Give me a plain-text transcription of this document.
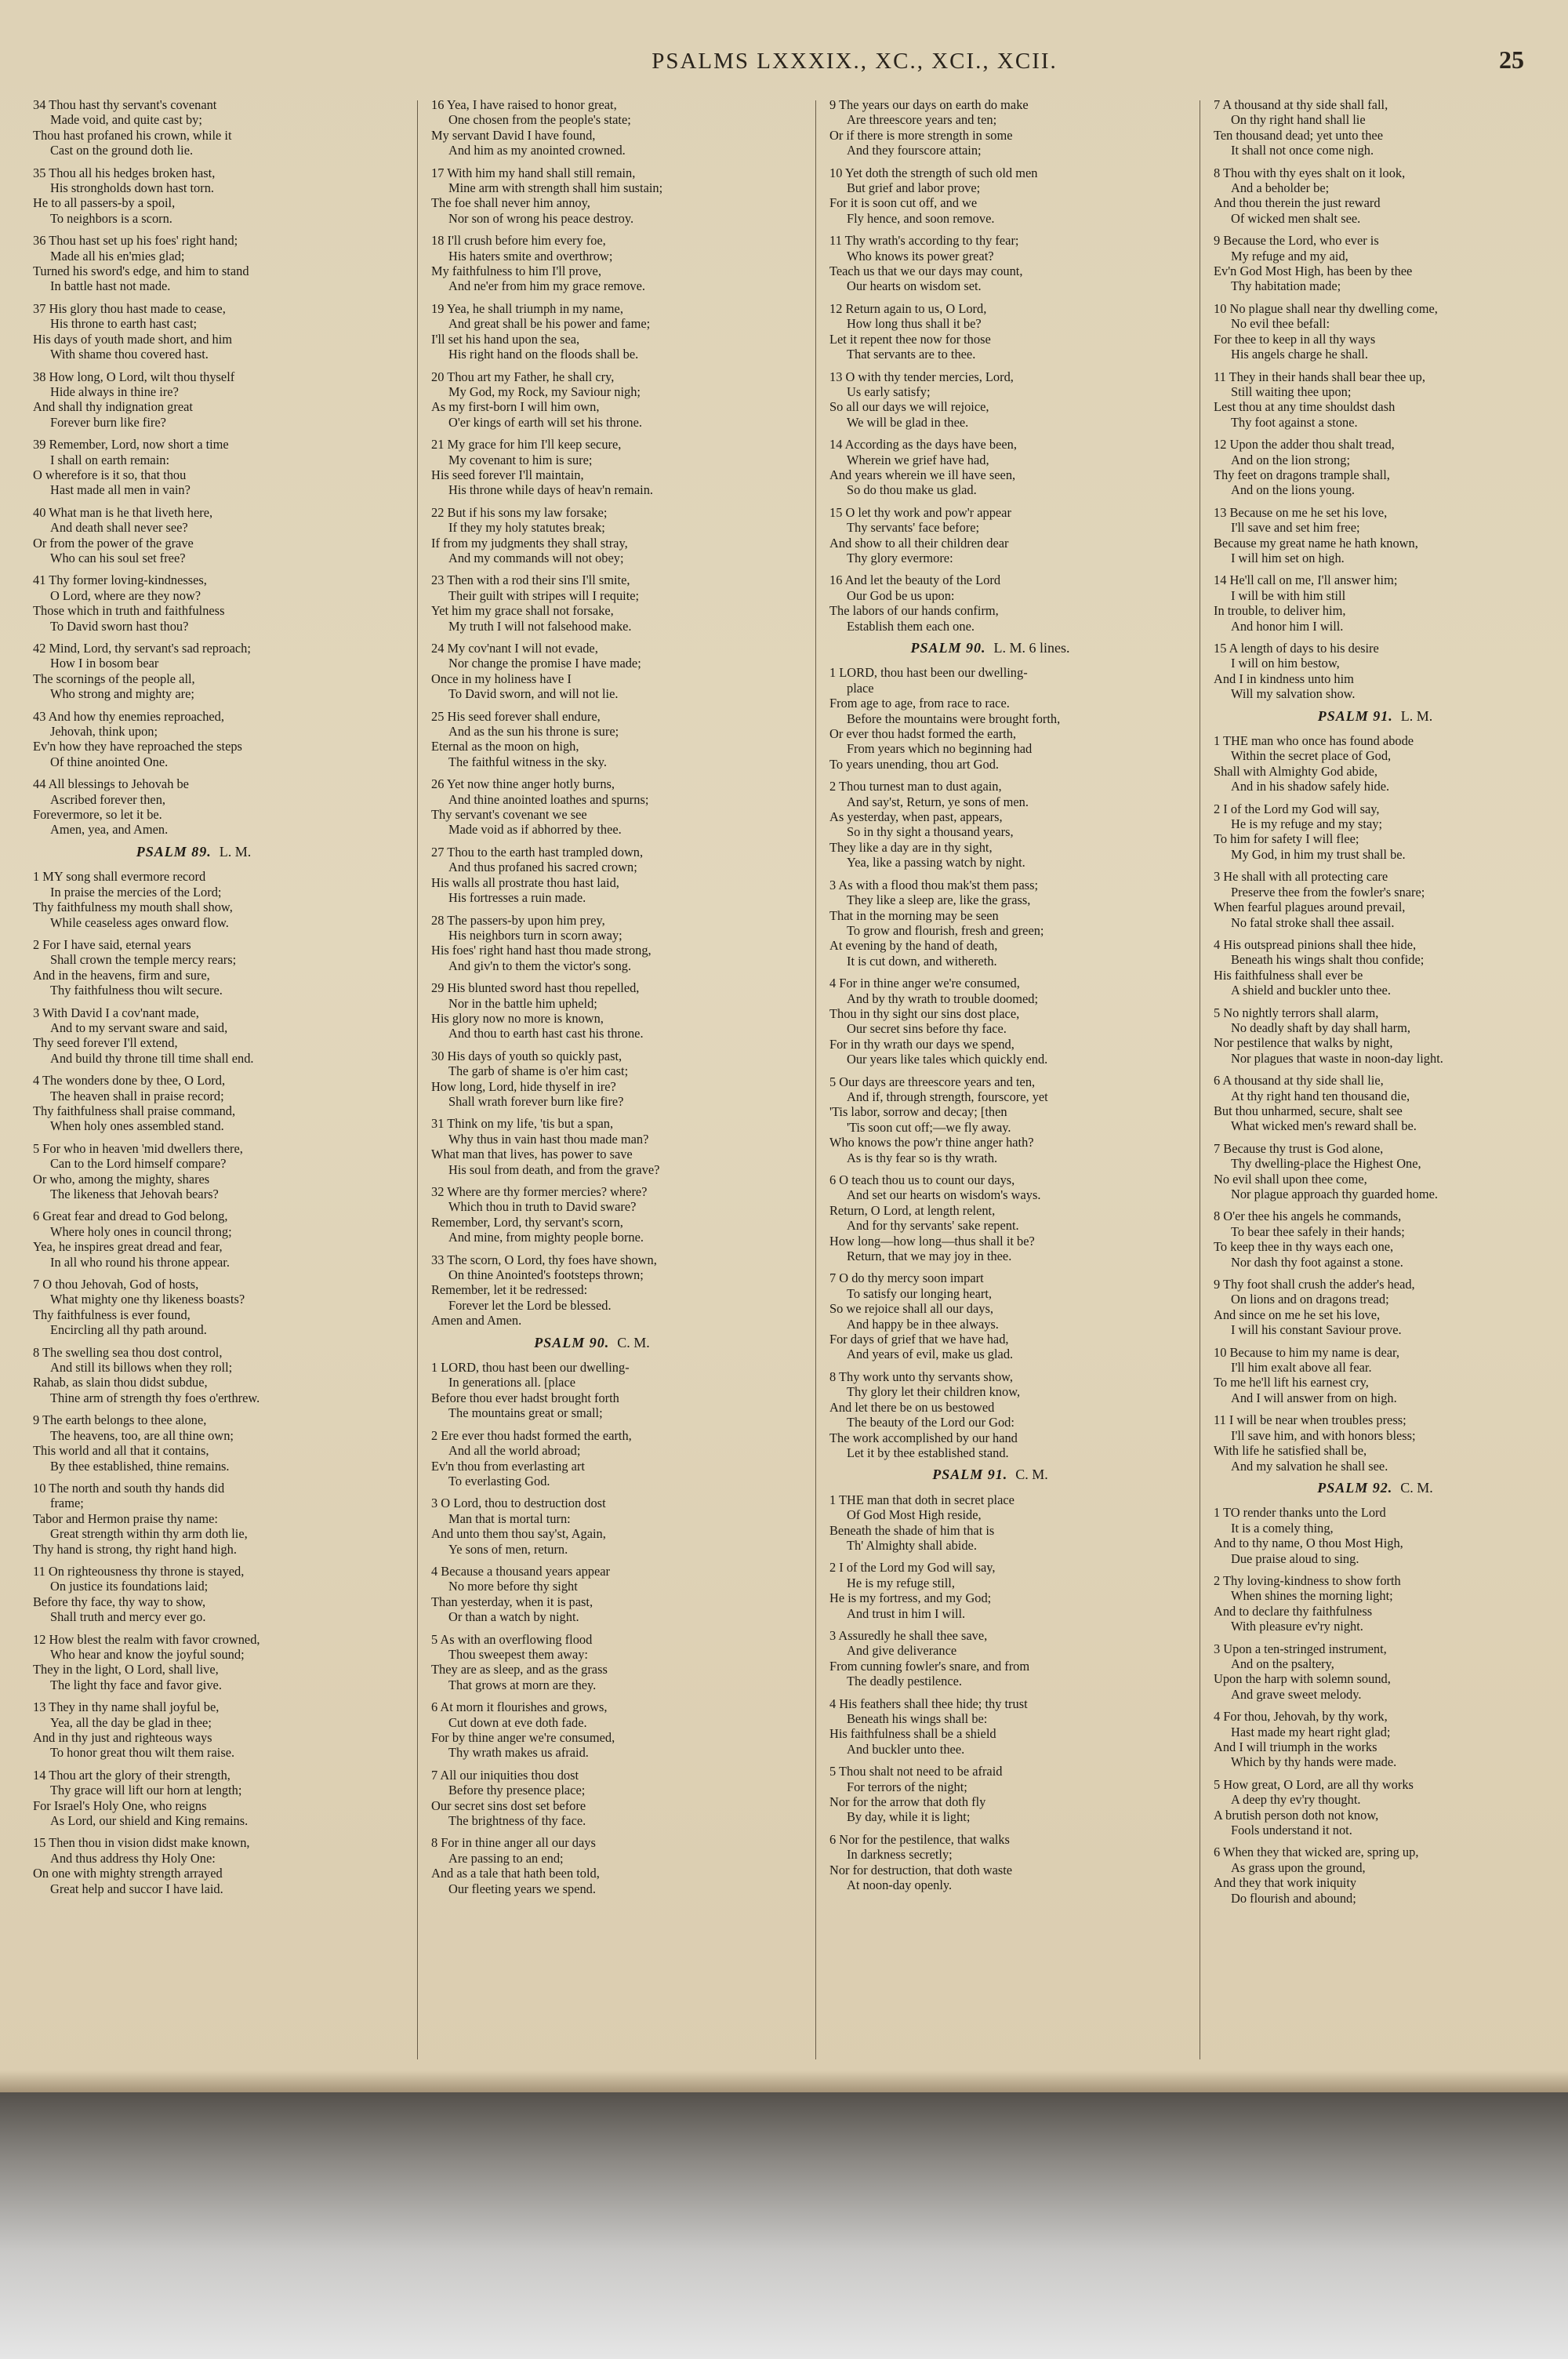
PSALMS LXXXIX., XC., XCI., XCII.	25
34 Thou hast thy servant's covenant
Made void, and quite cast by;
Thou hast profaned his crown, while it
Cast on the ground doth lie.
35 Thou all his hedges broken hast,
His strongholds down hast torn.
He to all passers-by a spoil,
To neighbors is a scorn.
36 Thou hast set up his foes' right hand;
Made all his en'mies glad;
Turned his sword's edge, and him to stand
In battle hast not made.
37 His glory thou hast made to cease,
His throne to earth hast cast;
His days of youth made short, and him
With shame thou covered hast.
38 How long, O Lord, wilt thou thyself
Hide always in thine ire?
And shall thy indignation great
Forever burn like fire?
39 Remember, Lord, now short a time
I shall on earth remain:
O wherefore is it so, that thou
Hast made all men in vain?
40 What man is he that liveth here,
And death shall never see?
Or from the power of the grave
Who can his soul set free?
41 Thy former loving-kindnesses,
O Lord, where are they now?
Those which in truth and faithfulness
To David sworn hast thou?
42 Mind, Lord, thy servant's sad reproach;
How I in bosom bear
The scornings of the people all,
Who strong and mighty are;
43 And how thy enemies reproached,
Jehovah, think upon;
Ev'n how they have reproached the steps
Of thine anointed One.
44 All blessings to Jehovah be
Ascribed forever then,
Forevermore, so let it be.
Amen, yea, and Amen.
PSALM 89. L. M.
1 MY song shall evermore record
In praise the mercies of the Lord;
Thy faithfulness my mouth shall show,
While ceaseless ages onward flow.
2 For I have said, eternal years
Shall crown the temple mercy rears;
And in the heavens, firm and sure,
Thy faithfulness thou wilt secure.
3 With David I a cov'nant made,
And to my servant sware and said,
Thy seed forever I'll extend,
And build thy throne till time shall end.
4 The wonders done by thee, O Lord,
The heaven shall in praise record;
Thy faithfulness shall praise command,
When holy ones assembled stand.
5 For who in heaven 'mid dwellers there,
Can to the Lord himself compare?
Or who, among the mighty, shares
The likeness that Jehovah bears?
6 Great fear and dread to God belong,
Where holy ones in council throng;
Yea, he inspires great dread and fear,
In all who round his throne appear.
7 O thou Jehovah, God of hosts,
What mighty one thy likeness boasts?
Thy faithfulness is ever found,
Encircling all thy path around.
8 The swelling sea thou dost control,
And still its billows when they roll;
Rahab, as slain thou didst subdue,
Thine arm of strength thy foes o'erthrew.
9 The earth belongs to thee alone,
The heavens, too, are all thine own;
This world and all that it contains,
By thee established, thine remains.
10 The north and south thy hands did
frame;
Tabor and Hermon praise thy name:
Great strength within thy arm doth lie,
Thy hand is strong, thy right hand high.
11 On righteousness thy throne is stayed,
On justice its foundations laid;
Before thy face, thy way to show,
Shall truth and mercy ever go.
12 How blest the realm with favor crowned,
Who hear and know the joyful sound;
They in the light, O Lord, shall live,
The light thy face and favor give.
13 They in thy name shall joyful be,
Yea, all the day be glad in thee;
And in thy just and righteous ways
To honor great thou wilt them raise.
14 Thou art the glory of their strength,
Thy grace will lift our horn at length;
For Israel's Holy One, who reigns
As Lord, our shield and King remains.
15 Then thou in vision didst make known,
And thus address thy Holy One:
On one with mighty strength arrayed
Great help and succor I have laid.
16 Yea, I have raised to honor great,
One chosen from the people's state;
My servant David I have found,
And him as my anointed crowned.
17 With him my hand shall still remain,
Mine arm with strength shall him sustain;
The foe shall never him annoy,
Nor son of wrong his peace destroy.
18 I'll crush before him every foe,
His haters smite and overthrow;
My faithfulness to him I'll prove,
And ne'er from him my grace remove.
19 Yea, he shall triumph in my name,
And great shall be his power and fame;
I'll set his hand upon the sea,
His right hand on the floods shall be.
20 Thou art my Father, he shall cry,
My God, my Rock, my Saviour nigh;
As my first-born I will him own,
O'er kings of earth will set his throne.
21 My grace for him I'll keep secure,
My covenant to him is sure;
His seed forever I'll maintain,
His throne while days of heav'n remain.
22 But if his sons my law forsake;
If they my holy statutes break;
If from my judgments they shall stray,
And my commands will not obey;
23 Then with a rod their sins I'll smite,
Their guilt with stripes will I requite;
Yet him my grace shall not forsake,
My truth I will not falsehood make.
24 My cov'nant I will not evade,
Nor change the promise I have made;
Once in my holiness have I
To David sworn, and will not lie.
25 His seed forever shall endure,
And as the sun his throne is sure;
Eternal as the moon on high,
The faithful witness in the sky.
26 Yet now thine anger hotly burns,
And thine anointed loathes and spurns;
Thy servant's covenant we see
Made void as if abhorred by thee.
27 Thou to the earth hast trampled down,
And thus profaned his sacred crown;
His walls all prostrate thou hast laid,
His fortresses a ruin made.
28 The passers-by upon him prey,
His neighbors turn in scorn away;
His foes' right hand hast thou made strong,
And giv'n to them the victor's song.
29 His blunted sword hast thou repelled,
Nor in the battle him upheld;
His glory now no more is known,
And thou to earth hast cast his throne.
30 His days of youth so quickly past,
The garb of shame is o'er him cast;
How long, Lord, hide thyself in ire?
Shall wrath forever burn like fire?
31 Think on my life, 'tis but a span,
Why thus in vain hast thou made man?
What man that lives, has power to save
His soul from death, and from the grave?
32 Where are thy former mercies? where?
Which thou in truth to David sware?
Remember, Lord, thy servant's scorn,
And mine, from mighty people borne.
33 The scorn, O Lord, thy foes have shown,
On thine Anointed's footsteps thrown;
Remember, let it be redressed:
Forever let the Lord be blessed.
Amen and Amen.
PSALM 90. C. M.
1 LORD, thou hast been our dwelling-
In generations all. [place
Before thou ever hadst brought forth
The mountains great or small;
2 Ere ever thou hadst formed the earth,
And all the world abroad;
Ev'n thou from everlasting art
To everlasting God.
3 O Lord, thou to destruction dost
Man that is mortal turn:
And unto them thou say'st, Again,
Ye sons of men, return.
4 Because a thousand years appear
No more before thy sight
Than yesterday, when it is past,
Or than a watch by night.
5 As with an overflowing flood
Thou sweepest them away:
They are as sleep, and as the grass
That grows at morn are they.
6 At morn it flourishes and grows,
Cut down at eve doth fade.
For by thine anger we're consumed,
Thy wrath makes us afraid.
7 All our iniquities thou dost
Before thy presence place;
Our secret sins dost set before
The brightness of thy face.
8 For in thine anger all our days
Are passing to an end;
And as a tale that hath been told,
Our fleeting years we spend.
9 The years our days on earth do make
Are threescore years and ten;
Or if there is more strength in some
And they fourscore attain;
10 Yet doth the strength of such old men
But grief and labor prove;
For it is soon cut off, and we
Fly hence, and soon remove.
11 Thy wrath's according to thy fear;
Who knows its power great?
Teach us that we our days may count,
Our hearts on wisdom set.
12 Return again to us, O Lord,
How long thus shall it be?
Let it repent thee now for those
That servants are to thee.
13 O with thy tender mercies, Lord,
Us early satisfy;
So all our days we will rejoice,
We will be glad in thee.
14 According as the days have been,
Wherein we grief have had,
And years wherein we ill have seen,
So do thou make us glad.
15 O let thy work and pow'r appear
Thy servants' face before;
And show to all their children dear
Thy glory evermore:
16 And let the beauty of the Lord
Our God be us upon:
The labors of our hands confirm,
Establish them each one.
PSALM 90. L. M. 6 lines.
1 LORD, thou hast been our dwelling-
place
From age to age, from race to race.
Before the mountains were brought forth,
Or ever thou hadst formed the earth,
From years which no beginning had
To years unending, thou art God.
2 Thou turnest man to dust again,
And say'st, Return, ye sons of men.
As yesterday, when past, appears,
So in thy sight a thousand years,
They like a day are in thy sight,
Yea, like a passing watch by night.
3 As with a flood thou mak'st them pass;
They like a sleep are, like the grass,
That in the morning may be seen
To grow and flourish, fresh and green;
At evening by the hand of death,
It is cut down, and withereth.
4 For in thine anger we're consumed,
And by thy wrath to trouble doomed;
Thou in thy sight our sins dost place,
Our secret sins before thy face.
For in thy wrath our days we spend,
Our years like tales which quickly end.
5 Our days are threescore years and ten,
And if, through strength, fourscore, yet
'Tis labor, sorrow and decay; [then
'Tis soon cut off;—we fly away.
Who knows the pow'r thine anger hath?
As is thy fear so is thy wrath.
6 O teach thou us to count our days,
And set our hearts on wisdom's ways.
Return, O Lord, at length relent,
And for thy servants' sake repent.
How long—how long—thus shall it be?
Return, that we may joy in thee.
7 O do thy mercy soon impart
To satisfy our longing heart,
So we rejoice shall all our days,
And happy be in thee always.
For days of grief that we have had,
And years of evil, make us glad.
8 Thy work unto thy servants show,
Thy glory let their children know,
And let there be on us bestowed
The beauty of the Lord our God:
The work accomplished by our hand
Let it by thee established stand.
PSALM 91. C. M.
1 THE man that doth in secret place
Of God Most High reside,
Beneath the shade of him that is
Th' Almighty shall abide.
2 I of the Lord my God will say,
He is my refuge still,
He is my fortress, and my God;
And trust in him I will.
3 Assuredly he shall thee save,
And give deliverance
From cunning fowler's snare, and from
The deadly pestilence.
4 His feathers shall thee hide; thy trust
Beneath his wings shall be:
His faithfulness shall be a shield
And buckler unto thee.
5 Thou shalt not need to be afraid
For terrors of the night;
Nor for the arrow that doth fly
By day, while it is light;
6 Nor for the pestilence, that walks
In darkness secretly;
Nor for destruction, that doth waste
At noon-day openly.
7 A thousand at thy side shall fall,
On thy right hand shall lie
Ten thousand dead; yet unto thee
It shall not once come nigh.
8 Thou with thy eyes shalt on it look,
And a beholder be;
And thou therein the just reward
Of wicked men shalt see.
9 Because the Lord, who ever is
My refuge and my aid,
Ev'n God Most High, has been by thee
Thy habitation made;
10 No plague shall near thy dwelling come,
No evil thee befall:
For thee to keep in all thy ways
His angels charge he shall.
11 They in their hands shall bear thee up,
Still waiting thee upon;
Lest thou at any time shouldst dash
Thy foot against a stone.
12 Upon the adder thou shalt tread,
And on the lion strong;
Thy feet on dragons trample shall,
And on the lions young.
13 Because on me he set his love,
I'll save and set him free;
Because my great name he hath known,
I will him set on high.
14 He'll call on me, I'll answer him;
I will be with him still
In trouble, to deliver him,
And honor him I will.
15 A length of days to his desire
I will on him bestow,
And I in kindness unto him
Will my salvation show.
PSALM 91. L. M.
1 THE man who once has found abode
Within the secret place of God,
Shall with Almighty God abide,
And in his shadow safely hide.
2 I of the Lord my God will say,
He is my refuge and my stay;
To him for safety I will flee;
My God, in him my trust shall be.
3 He shall with all protecting care
Preserve thee from the fowler's snare;
When fearful plagues around prevail,
No fatal stroke shall thee assail.
4 His outspread pinions shall thee hide,
Beneath his wings shalt thou confide;
His faithfulness shall ever be
A shield and buckler unto thee.
5 No nightly terrors shall alarm,
No deadly shaft by day shall harm,
Nor pestilence that walks by night,
Nor plagues that waste in noon-day light.
6 A thousand at thy side shall lie,
At thy right hand ten thousand die,
But thou unharmed, secure, shalt see
What wicked men's reward shall be.
7 Because thy trust is God alone,
Thy dwelling-place the Highest One,
No evil shall upon thee come,
Nor plague approach thy guarded home.
8 O'er thee his angels he commands,
To bear thee safely in their hands;
To keep thee in thy ways each one,
Nor dash thy foot against a stone.
9 Thy foot shall crush the adder's head,
On lions and on dragons tread;
And since on me he set his love,
I will his constant Saviour prove.
10 Because to him my name is dear,
I'll him exalt above all fear.
To me he'll lift his earnest cry,
And I will answer from on high.
11 I will be near when troubles press;
I'll save him, and with honors bless;
With life he satisfied shall be,
And my salvation he shall see.
PSALM 92. C. M.
1 TO render thanks unto the Lord
It is a comely thing,
And to thy name, O thou Most High,
Due praise aloud to sing.
2 Thy loving-kindness to show forth
When shines the morning light;
And to declare thy faithfulness
With pleasure ev'ry night.
3 Upon a ten-stringed instrument,
And on the psaltery,
Upon the harp with solemn sound,
And grave sweet melody.
4 For thou, Jehovah, by thy work,
Hast made my heart right glad;
And I will triumph in the works
Which by thy hands were made.
5 How great, O Lord, are all thy works
A deep thy ev'ry thought.
A brutish person doth not know,
Fools understand it not.
6 When they that wicked are, spring up,
As grass upon the ground,
And they that work iniquity
Do flourish and abound;
